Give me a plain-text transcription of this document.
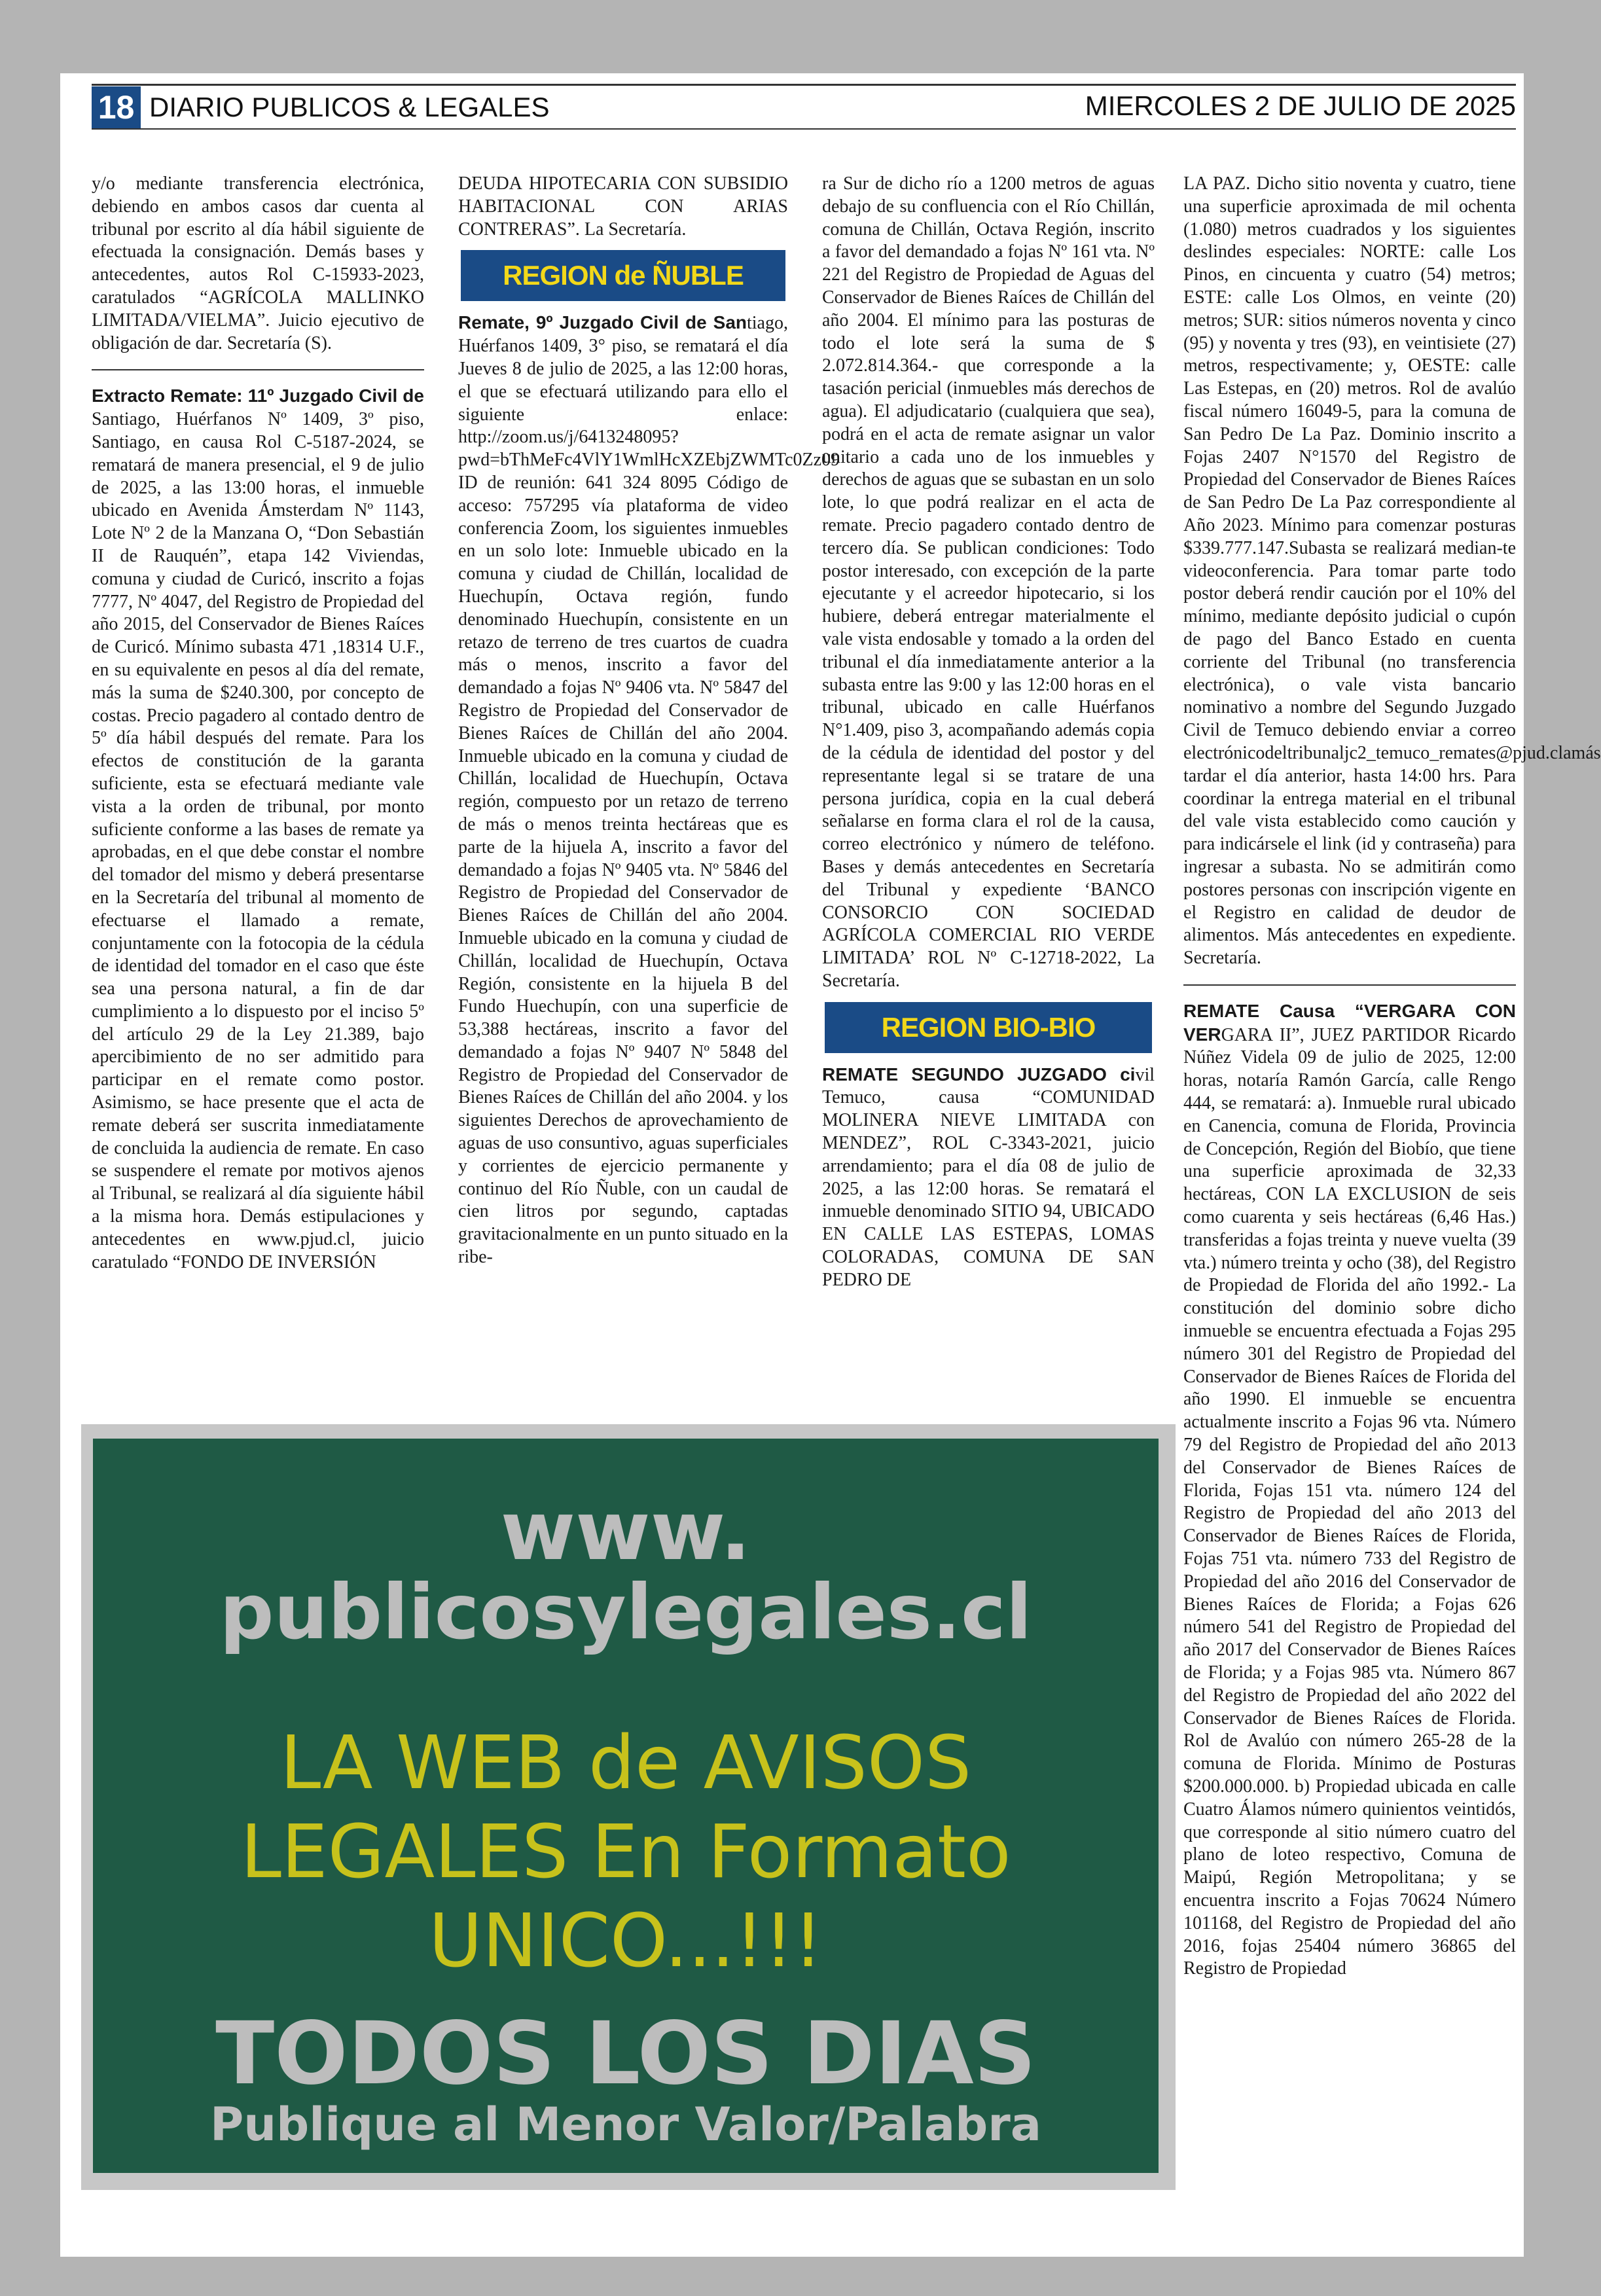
18 DIARIO PUBLICOS & LEGALES	MIERCOLES 2 DE JULIO DE 2025

y/o mediante transferencia electrónica, debiendo en ambos casos dar cuenta al tribunal por escrito al día hábil siguiente de efectuada la consignación. Demás bases y antecedentes, autos Rol C-15933-2023, caratulados “AGRÍCOLA MALLINKO LIMITADA/VIELMA”. Juicio ejecutivo de obligación de dar. Secretaría (S).

Extracto Remate: 11º Juzgado Civil de Santiago, Huérfanos Nº 1409, 3º piso, Santiago, en causa Rol C-5187-2024, se rematará de manera presencial, el 9 de julio de 2025, a las 13:00 horas, el inmueble ubicado en Avenida Ámsterdam Nº 1143, Lote Nº 2 de la Manzana O, “Don Sebastián II de Rauquén”, etapa 142 Viviendas, comuna y ciudad de Curicó, inscrito a fojas 7777, Nº 4047, del Registro de Propiedad del año 2015, del Conservador de Bienes Raíces de Curicó. Mínimo subasta 471 ,18314 U.F., en su equivalente en pesos al día del remate, más la suma de $240.300, por concepto de costas. Precio pagadero al contado dentro de 5º día hábil después del remate. Para los efectos de constitución de la garanta suficiente, esta se efectuará mediante vale vista a la orden de tribunal, por monto suficiente conforme a las bases de remate ya aprobadas, en el que debe constar el nombre del tomador del mismo y deberá presentarse en la Secretaría del tribunal al momento de efectuarse el llamado a remate, conjuntamente con la fotocopia de la cédula de identidad del tomador en el caso que éste sea una persona natural, a fin de dar cumplimiento a lo dispuesto por el inciso 5º del artículo 29 de la Ley 21.389, bajo apercibimiento de no ser admitido para participar en el remate como postor. Asimismo, se hace presente que el acta de remate deberá ser suscrita inmediatamente de concluida la audiencia de remate. En caso se suspendere el remate por motivos ajenos al Tribunal, se realizará al día siguiente hábil a la misma hora. Demás estipulaciones y antecedentes en www.pjud.cl, juicio caratulado “FONDO DE INVERSIÓN

DEUDA HIPOTECARIA CON SUBSIDIO HABITACIONAL CON ARIAS CONTRERAS”. La Secretaría.

REGION de ÑUBLE

Remate, 9º Juzgado Civil de Santiago, Huérfanos 1409, 3° piso, se rematará el día Jueves 8 de julio de 2025, a las 12:00 horas, el que se efectuará utilizando para ello el siguiente enlace: http://zoom.us/j/6413248095?pwd=bThMeFc4VlY1WmlHcXZEbjZWMTc0Zz09 ID de reunión: 641 324 8095 Código de acceso: 757295 vía plataforma de video conferencia Zoom, los siguientes inmuebles en un solo lote: Inmueble ubicado en la comuna y ciudad de Chillán, localidad de Huechupín, Octava región, fundo denominado Huechupín, consistente en un retazo de terreno de tres cuartos de cuadra más o menos, inscrito a favor del demandado a fojas Nº 9406 vta. Nº 5847 del Registro de Propiedad del Conservador de Bienes Raíces de Chillán del año 2004. Inmueble ubicado en la comuna y ciudad de Chillán, localidad de Huechupín, Octava región, compuesto por un retazo de terreno de más o menos treinta hectáreas que es parte de la hijuela A, inscrito a favor del demandado a fojas Nº 9405 vta. Nº 5846 del Registro de Propiedad del Conservador de Bienes Raíces de Chillán del año 2004. Inmueble ubicado en la comuna y ciudad de Chillán, localidad de Huechupín, Octava Región, consistente en la hijuela B del Fundo Huechupín, con una superficie de 53,388 hectáreas, inscrito a favor del demandado a fojas Nº 9407 Nº 5848 del Registro de Propiedad del Conservador de Bienes Raíces de Chillán del año 2004. y los siguientes Derechos de aprovechamiento de aguas de uso consuntivo, aguas superficiales y corrientes de ejercicio permanente y continuo del Río Ñuble, con un caudal de cien litros por segundo, captadas gravitacionalmente en un punto situado en la ribe-

ra Sur de dicho río a 1200 metros de aguas debajo de su confluencia con el Río Chillán, comuna de Chillán, Octava Región, inscrito a favor del demandado a fojas Nº 161 vta. Nº 221 del Registro de Propiedad de Aguas del Conservador de Bienes Raíces de Chillán del año 2004. El mínimo para las posturas de todo el lote será la suma de $ 2.072.814.364.- que corresponde a la tasación pericial (inmuebles más derechos de agua). El adjudicatario (cualquiera que sea), podrá en el acta de remate asignar un valor unitario a cada uno de los inmuebles y derechos de aguas que se subastan en un solo lote, lo que podrá realizar en el acta de remate. Precio pagadero contado dentro de tercero día. Se publican condiciones: Todo postor interesado, con excepción de la parte ejecutante y el acreedor hipotecario, si los hubiere, deberá entregar materialmente el vale vista endosable y tomado a la orden del tribunal el día inmediatamente anterior a la subasta entre las 9:00 y las 12:00 horas en el tribunal, ubicado en calle Huérfanos N°1.409, piso 3, acompañando además copia de la cédula de identidad del postor y del representante legal si se tratare de una persona jurídica, copia en la cual deberá señalarse en forma clara el rol de la causa, correo electrónico y número de teléfono. Bases y demás antecedentes en Secretaría del Tribunal y expediente ‘BANCO CONSORCIO CON SOCIEDAD AGRÍCOLA COMERCIAL RIO VERDE LIMITADA’ ROL Nº C-12718-2022, La Secretaría.

REGION BIO-BIO

REMATE SEGUNDO JUZGADO civil Temuco, causa “COMUNIDAD MOLINERA NIEVE LIMITADA con MENDEZ”, ROL C-3343-2021, juicio arrendamiento; para el día 08 de julio de 2025, a las 12:00 horas. Se rematará el inmueble denominado SITIO 94, UBICADO EN CALLE LAS ESTEPAS, LOMAS COLORADAS, COMUNA DE SAN PEDRO DE

LA PAZ. Dicho sitio noventa y cuatro, tiene una superficie aproximada de mil ochenta (1.080) metros cuadrados y los siguientes deslindes especiales: NORTE: calle Los Pinos, en cincuenta y cuatro (54) metros; ESTE: calle Los Olmos, en veinte (20) metros; SUR: sitios números noventa y cinco (95) y noventa y tres (93), en veintisiete (27) metros, respectivamente; y, OESTE: calle Las Estepas, en (20) metros. Rol de avalúo fiscal número 16049-5, para la comuna de San Pedro De La Paz. Dominio inscrito a Fojas 2407 N°1570 del Registro de Propiedad del Conservador de Bienes Raíces de San Pedro De La Paz correspondiente al Año 2023. Mínimo para comenzar posturas $339.777.147.Subasta se realizará median-te videoconferencia. Para tomar parte todo postor deberá rendir caución por el 10% del mínimo, mediante depósito judicial o cupón de pago del Banco Estado en cuenta corriente del Tribunal (no transferencia electrónica), o vale vista bancario nominativo a nombre del Segundo Juzgado Civil de Temuco debiendo enviar a correo electrónicodeltribunaljc2_temuco_remates@pjud.clamás tardar el día anterior, hasta 14:00 hrs. Para coordinar la entrega material en el tribunal del vale vista establecido como caución y para indicársele el link (id y contraseña) para ingresar a subasta. No se admitirán como postores personas con inscripción vigente en el Registro en calidad de deudor de alimentos. Más antecedentes en expediente. Secretaría.

REMATE Causa “VERGARA CON VERGARA II”, JUEZ PARTIDOR Ricardo Núñez Videla 09 de julio de 2025, 12:00 horas, notaría Ramón García, calle Rengo 444, se rematará: a). Inmueble rural ubicado en Canencia, comuna de Florida, Provincia de Concepción, Región del Biobío, que tiene una superficie aproximada de 32,33 hectáreas, CON LA EXCLUSION de seis como cuarenta y seis hectáreas (6,46 Has.) transferidas a fojas treinta y nueve vuelta (39 vta.) número treinta y ocho (38), del Registro de Propiedad de Florida del año 1992.- La constitución del dominio sobre dicho inmueble se encuentra efectuada a Fojas 295 número 301 del Registro de Propiedad del Conservador de Bienes Raíces de Florida del año 1990. El inmueble se encuentra actualmente inscrito a Fojas 96 vta. Número 79 del Registro de Propiedad del año 2013 del Conservador de Bienes Raíces de Florida, Fojas 151 vta. número 124 del Registro de Propiedad del año 2013 del Conservador de Bienes Raíces de Florida, Fojas 751 vta. número 733 del Registro de Propiedad del año 2016 del Conservador de Bienes Raíces de Florida; a Fojas 626 número 541 del Registro de Propiedad del año 2017 del Conservador de Bienes Raíces de Florida; y a Fojas 985 vta. Número 867 del Registro de Propiedad del año 2022 del Conservador de Bienes Raíces de Florida. Rol de Avalúo con número 265-28 de la comuna de Florida. Mínimo de Posturas $200.000.000. b) Propiedad ubicada en calle Cuatro Álamos número quinientos veintidós, que corresponde al sitio número cuatro del plano de loteo respectivo, Comuna de Maipú, Región Metropolitana; y se encuentra inscrito a Fojas 70624 Número 101168, del Registro de Propiedad del año 2016, fojas 25404 número 36865 del Registro de Propiedad

www.
publicosylegales.cl
LA WEB de AVISOS
LEGALES En Formato
UNICO...!!!
TODOS LOS DIAS
Publique al Menor Valor/Palabra
